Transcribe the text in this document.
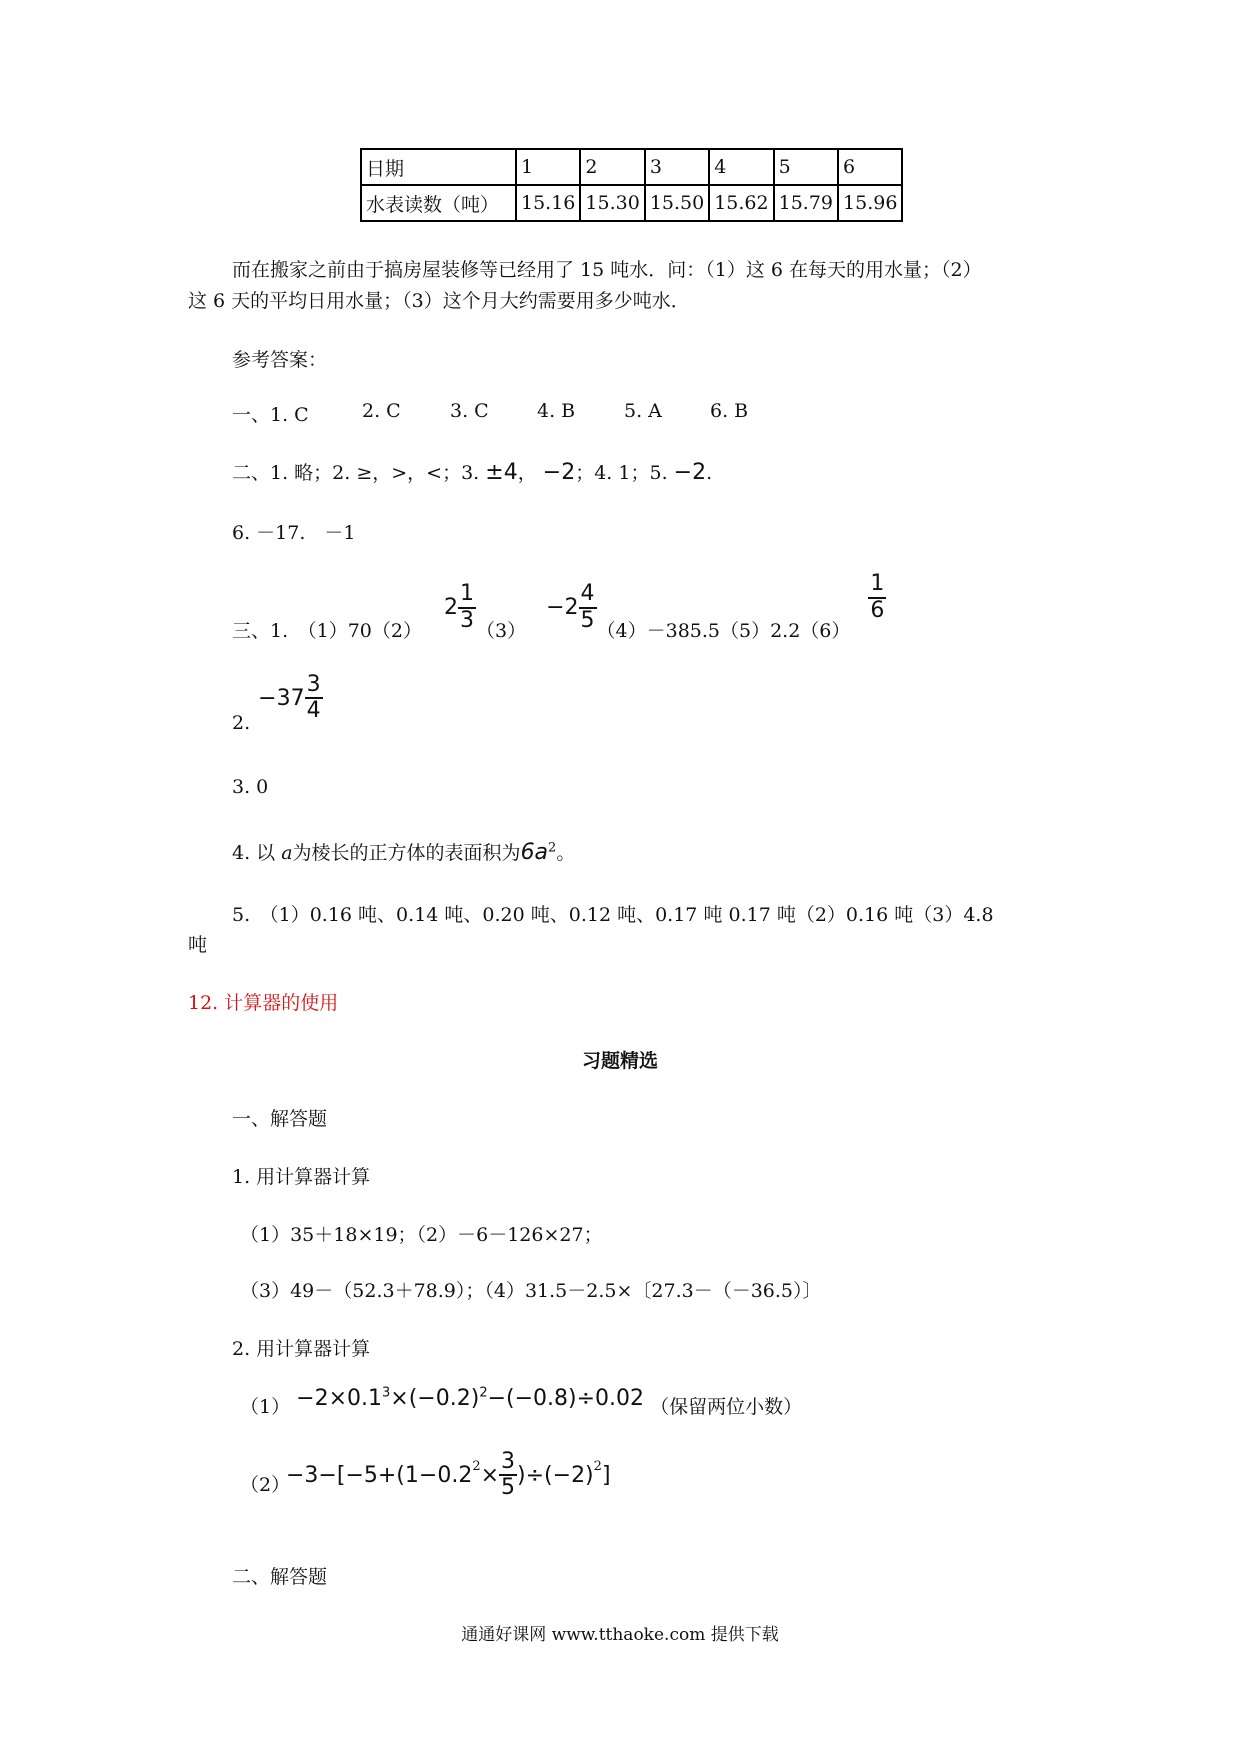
日期	1	2	3	4	5	6
水表读数（吨）	15.16	15.30	15.50	15.62	15.79	15.96
而在搬家之前由于搞房屋装修等已经用了 15 吨水．问：（1）这 6 在每天的用水量；（2）
这 6 天的平均日用水量；（3）这个月大约需要用多少吨水．
参考答案：
一、1. C	2. C	3. C	4. B	5. A	6. B
二、1. 略；2. ≥，>，<；3. ±4， −2；4. 1；5. −2.
6. －17.　－1
三、1.　（1）70（2）
$2 \frac{1}{3} (3)$
$-2 \frac{4}{5} (4)-385.5(5)2.2(6)$
$\frac{1}{6}$
2.
$-37 \frac{3}{4}$
3. 0
4. 以 a为棱长的正方体的表面积为$6a^2$。
5.　（1）0.16 吨、0.14 吨、0.20 吨、0.12 吨、0.17 吨 0.17 吨（2）0.16 吨（3）4.8
吨
12. 计算器的使用
习题精选
一、解答题
1. 用计算器计算
（1）35＋18×19；（2）－6－126×27；
（3）49－（52.3＋78.9）；（4）31.5－2.5×〔27.3－（－36.5）〕
2. 用计算器计算
$(1) -2\times 0.1^3\times(-0.2)^2-(-0.8)\div 0.02$ （保留两位小数）
（2）
−3−[−5+(1−0.2 $2 \times \frac{3}{5} )\div(-2)$ 2 ]
二、解答题
通通好课网 www.tthaoke.com 提供下载
